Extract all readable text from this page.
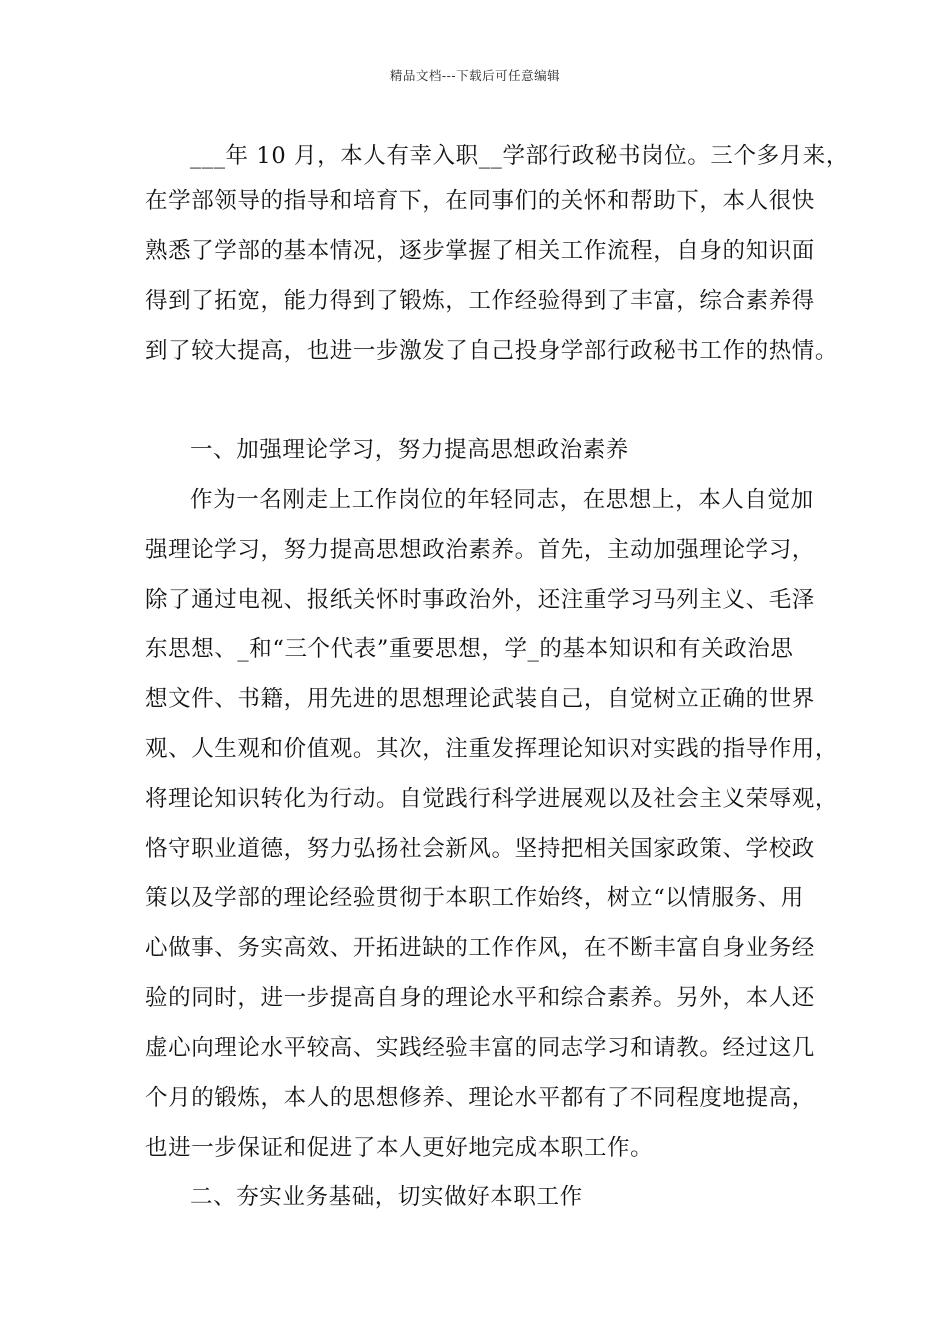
精品文档---下载后可任意编辑
___年 10 月，本人有幸入职__学部行政秘书岗位。三个多月来，
在学部领导的指导和培育下，在同事们的关怀和帮助下，本人很快
熟悉了学部的基本情况，逐步掌握了相关工作流程，自身的知识面
得到了拓宽，能力得到了锻炼，工作经验得到了丰富，综合素养得
到了较大提高，也进一步激发了自己投身学部行政秘书工作的热情。
一、加强理论学习，努力提高思想政治素养
作为一名刚走上工作岗位的年轻同志，在思想上，本人自觉加
强理论学习，努力提高思想政治素养。首先，主动加强理论学习，
除了通过电视、报纸关怀时事政治外，还注重学习马列主义、毛泽
东思想、_和“三个代表”重要思想，学_的基本知识和有关政治思
想文件、书籍，用先进的思想理论武装自己，自觉树立正确的世界
观、人生观和价值观。其次，注重发挥理论知识对实践的指导作用，
将理论知识转化为行动。自觉践行科学进展观以及社会主义荣辱观，
恪守职业道德，努力弘扬社会新风。坚持把相关国家政策、学校政
策以及学部的理论经验贯彻于本职工作始终，树立“以情服务、用
心做事、务实高效、开拓进缺的工作作风，在不断丰富自身业务经
验的同时，进一步提高自身的理论水平和综合素养。另外，本人还
虚心向理论水平较高、实践经验丰富的同志学习和请教。经过这几
个月的锻炼，本人的思想修养、理论水平都有了不同程度地提高，
也进一步保证和促进了本人更好地完成本职工作。
二、夯实业务基础，切实做好本职工作
